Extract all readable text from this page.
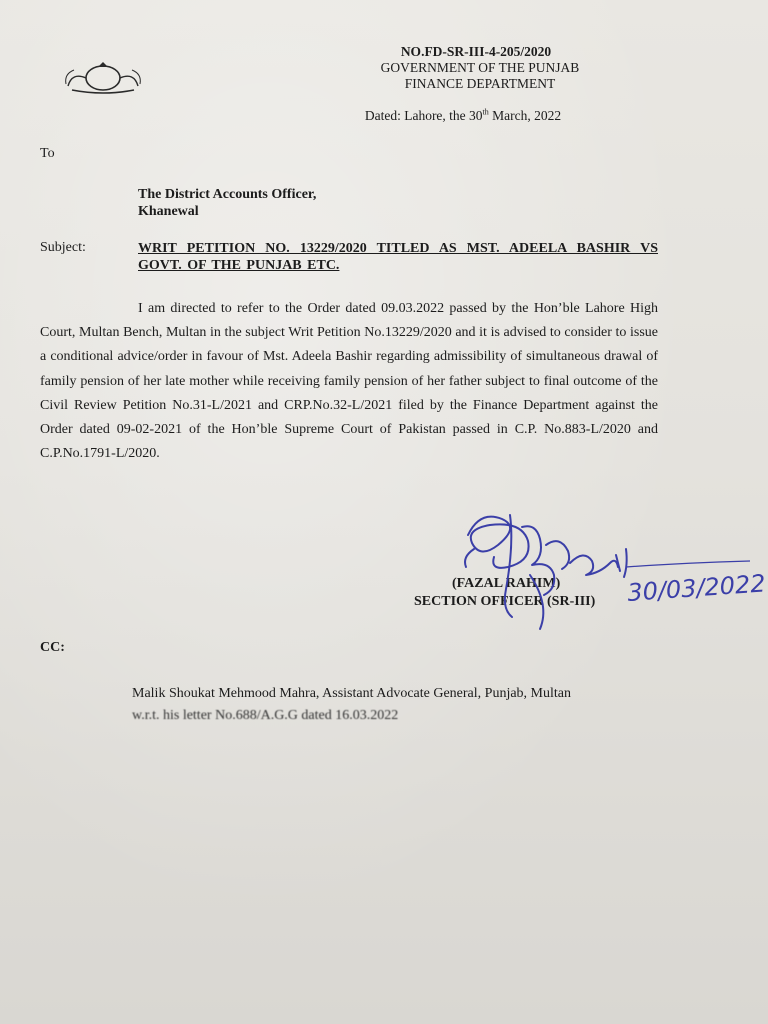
NO.FD-SR-III-4-205/2020
GOVERNMENT OF THE PUNJAB
FINANCE DEPARTMENT
Dated: Lahore, the 30th March, 2022
To
The District Accounts Officer,
Khanewal
Subject:	WRIT PETITION NO. 13229/2020 TITLED AS MST. ADEELA BASHIR VS GOVT. OF THE PUNJAB ETC.
I am directed to refer to the Order dated 09.03.2022 passed by the Hon’ble Lahore High Court, Multan Bench, Multan in the subject Writ Petition No.13229/2020 and it is advised to consider to issue a conditional advice/order in favour of Mst. Adeela Bashir regarding admissibility of simultaneous drawal of family pension of her late mother while receiving family pension of her father subject to final outcome of the Civil Review Petition No.31-L/2021 and CRP.No.32-L/2021 filed by the Finance Department against the Order dated 09-02-2021 of the Hon’ble Supreme Court of Pakistan passed in C.P. No.883-L/2020 and C.P.No.1791-L/2020.
(FAZAL RAHIM)
SECTION OFFICER (SR-III) 30/03/2022
CC:
Malik Shoukat Mehmood Mahra, Assistant Advocate General, Punjab, Multan
w.r.t. his letter No.688/A.G.G dated 16.03.2022
